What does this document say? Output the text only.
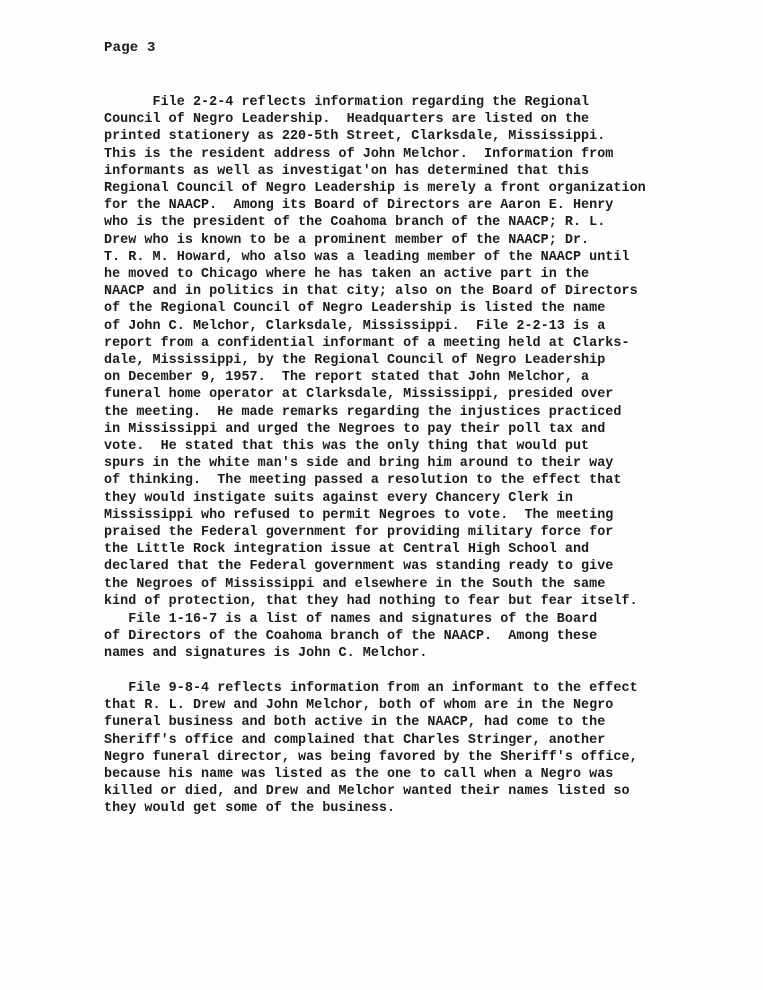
Page 3
File 2-2-4 reflects information regarding the Regional
Council of Negro Leadership.  Headquarters are listed on the
printed stationery as 220-5th Street, Clarksdale, Mississippi.
This is the resident address of John Melchor.  Information from
informants as well as investigat'on has determined that this
Regional Council of Negro Leadership is merely a front organization
for the NAACP.  Among its Board of Directors are Aaron E. Henry
who is the president of the Coahoma branch of the NAACP; R. L.
Drew who is known to be a prominent member of the NAACP; Dr.
T. R. M. Howard, who also was a leading member of the NAACP until
he moved to Chicago where he has taken an active part in the
NAACP and in politics in that city; also on the Board of Directors
of the Regional Council of Negro Leadership is listed the name
of John C. Melchor, Clarksdale, Mississippi.  File 2-2-13 is a
report from a confidential informant of a meeting held at Clarks-
dale, Mississippi, by the Regional Council of Negro Leadership
on December 9, 1957.  The report stated that John Melchor, a
funeral home operator at Clarksdale, Mississippi, presided over
the meeting.  He made remarks regarding the injustices practiced
in Mississippi and urged the Negroes to pay their poll tax and
vote.  He stated that this was the only thing that would put
spurs in the white man's side and bring him around to their way
of thinking.  The meeting passed a resolution to the effect that
they would instigate suits against every Chancery Clerk in
Mississippi who refused to permit Negroes to vote.  The meeting
praised the Federal government for providing military force for
the Little Rock integration issue at Central High School and
declared that the Federal government was standing ready to give
the Negroes of Mississippi and elsewhere in the South the same
kind of protection, that they had nothing to fear but fear itself.
File 1-16-7 is a list of names and signatures of the Board
of Directors of the Coahoma branch of the NAACP.  Among these
names and signatures is John C. Melchor.
File 9-8-4 reflects information from an informant to the effect
that R. L. Drew and John Melchor, both of whom are in the Negro
funeral business and both active in the NAACP, had come to the
Sheriff's office and complained that Charles Stringer, another
Negro funeral director, was being favored by the Sheriff's office,
because his name was listed as the one to call when a Negro was
killed or died, and Drew and Melchor wanted their names listed so
they would get some of the business.
